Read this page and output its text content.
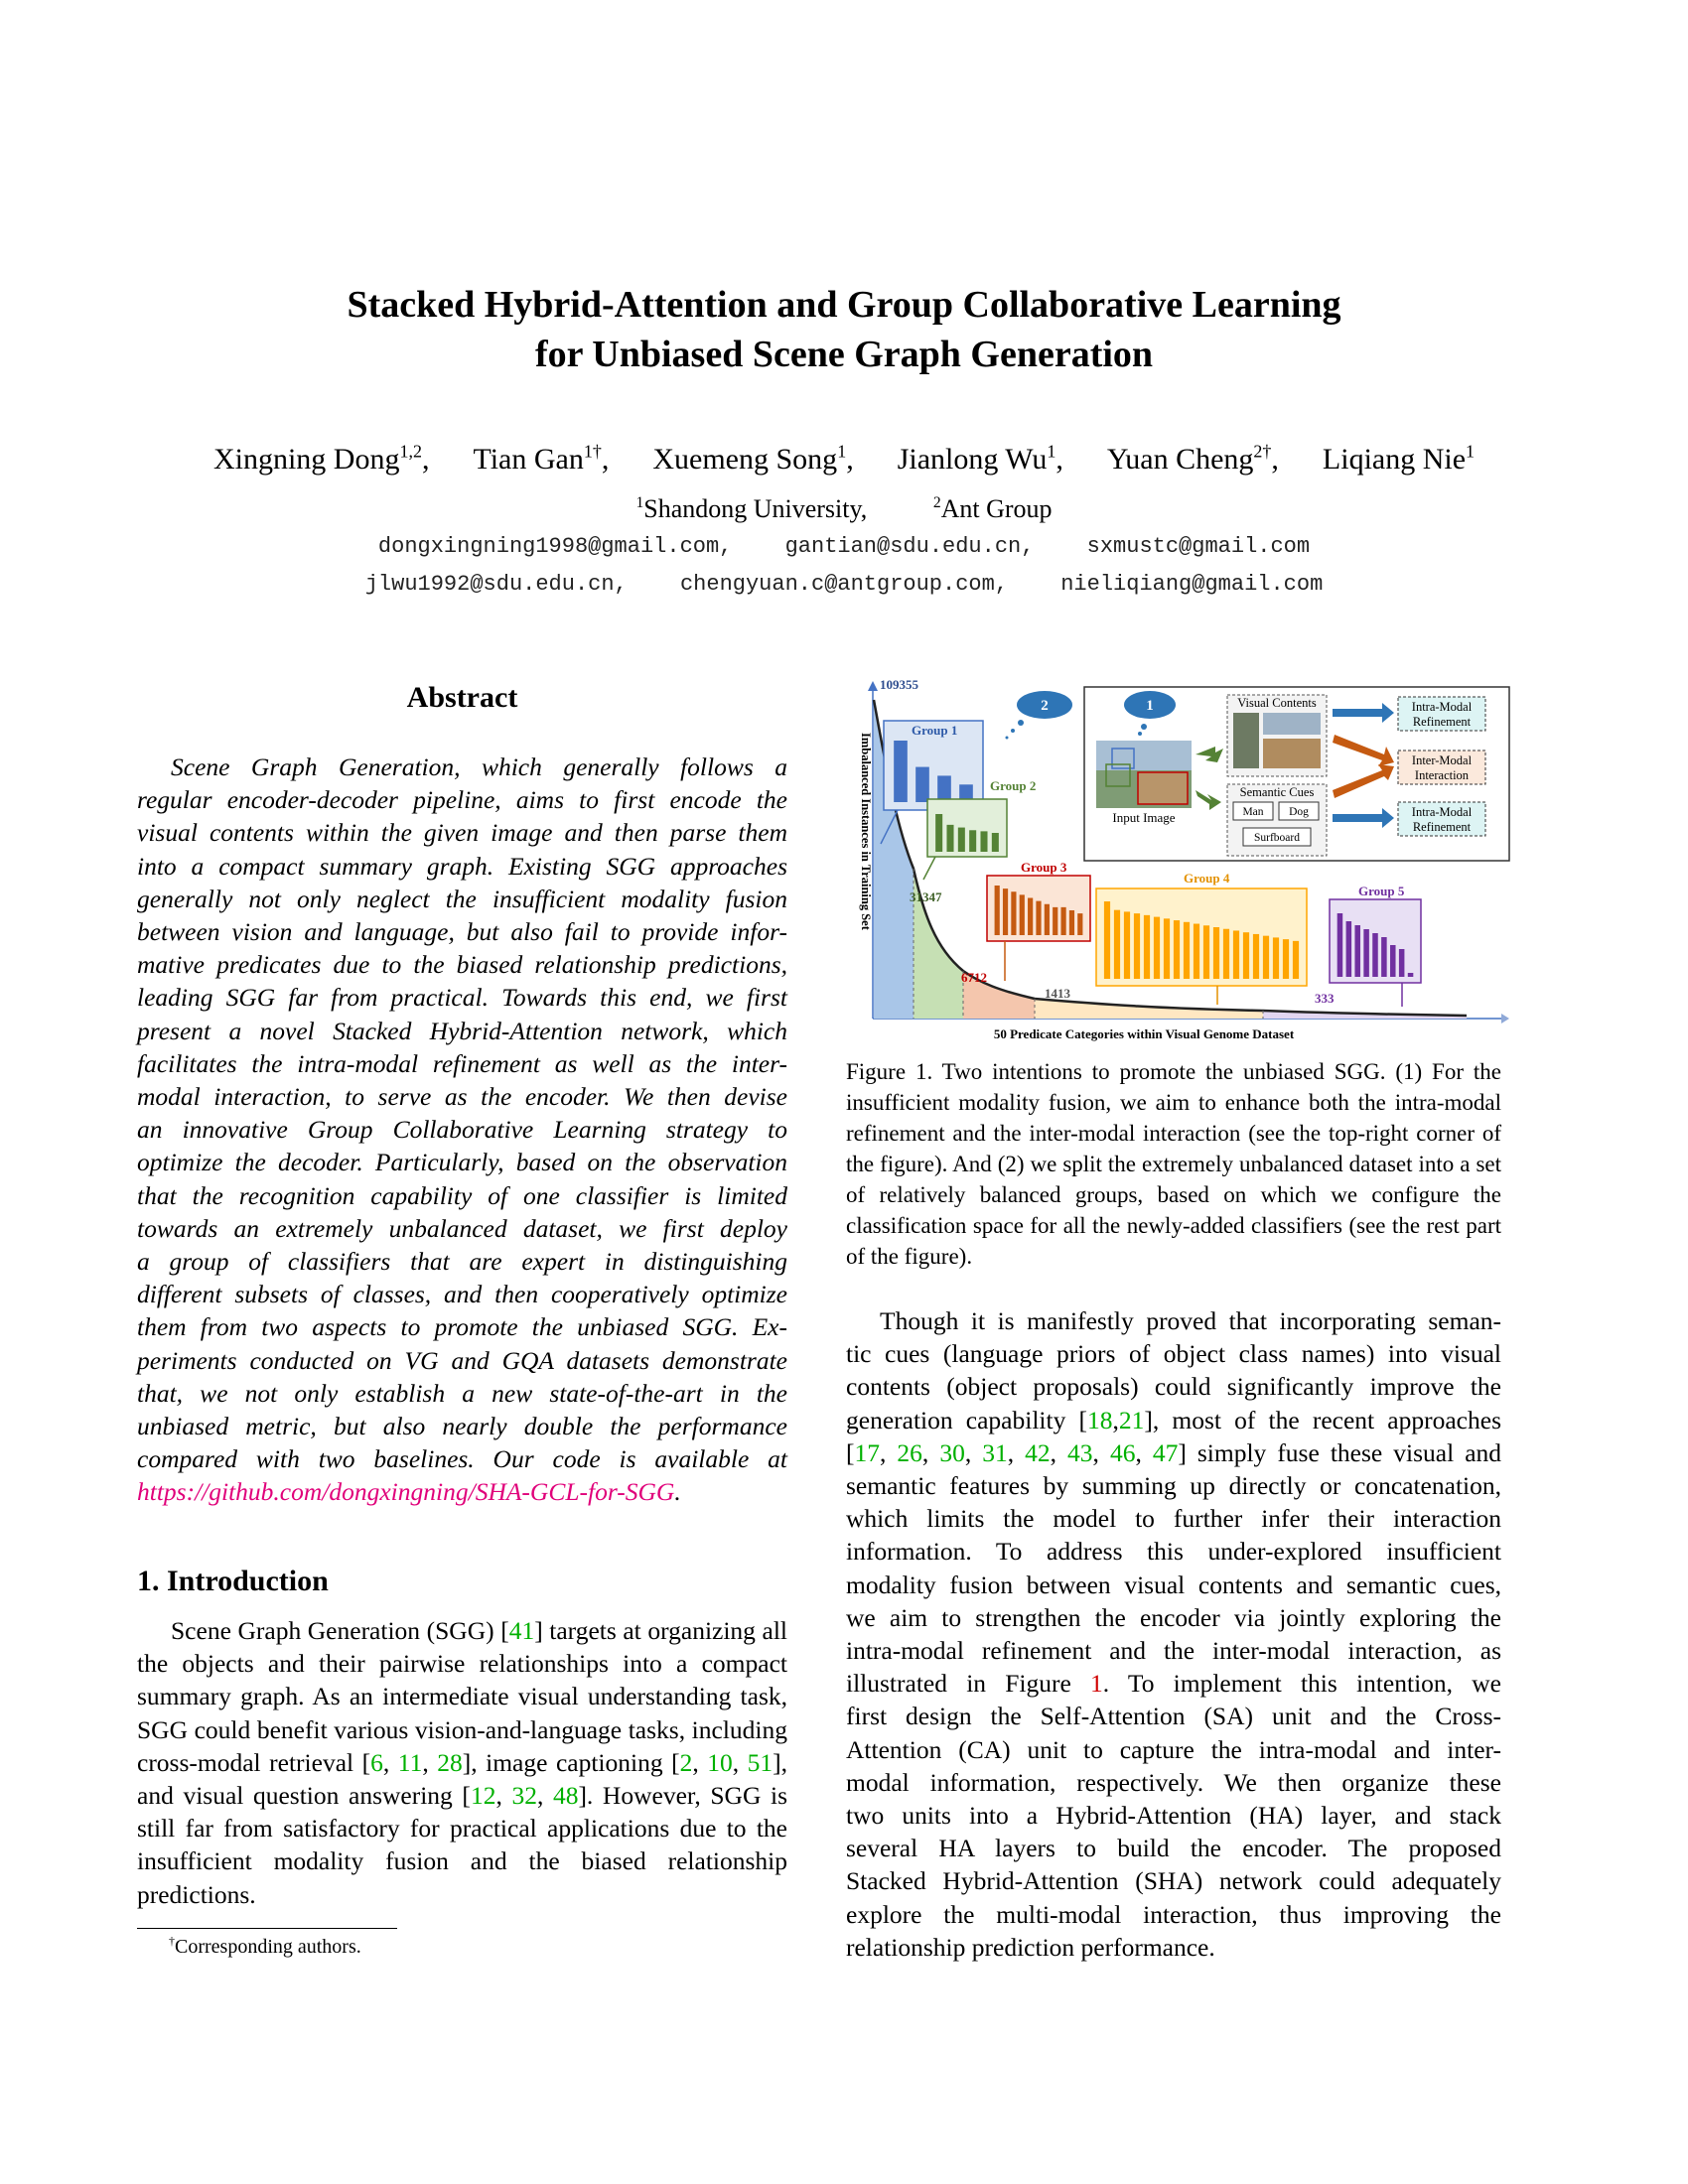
Stacked Hybrid-Attention and Group Collaborative Learning
for Unbiased Scene Graph Generation
Xingning Dong$^{1,2}$, Tian Gan$^{1\dagger}$, Xuemeng Song$^1$, Jianlong Wu$^1$, Yuan Cheng$^{2\dagger}$, Liqiang Nie$^1$
$^1$Shandong University,	$^2$Ant Group
dongxingning1998@gmail.com, gantian@sdu.edu.cn, sxmustc@gmail.com
jlwu1992@sdu.edu.cn, chengyuan.c@antgroup.com, nieliqiang@gmail.com
Abstract
Scene Graph Generation, which generally follows a
regular encoder-decoder pipeline, aims to first encode the
visual contents within the given image and then parse them
into a compact summary graph. Existing SGG approaches
generally not only neglect the insufficient modality fusion
between vision and language, but also fail to provide infor-
mative predicates due to the biased relationship predictions,
leading SGG far from practical. Towards this end, we first
present a novel Stacked Hybrid-Attention network, which
facilitates the intra-modal refinement as well as the inter-
modal interaction, to serve as the encoder. We then devise
an innovative Group Collaborative Learning strategy to
optimize the decoder. Particularly, based on the observation
that the recognition capability of one classifier is limited
towards an extremely unbalanced dataset, we first deploy
a group of classifiers that are expert in distinguishing
different subsets of classes, and then cooperatively optimize
them from two aspects to promote the unbiased SGG. Ex-
periments conducted on VG and GQA datasets demonstrate
that, we not only establish a new state-of-the-art in the
unbiased metric, but also nearly double the performance
compared with two baselines. Our code is available at
https://github.com/dongxingning/SHA-GCL-for-SGG.
1. Introduction

Scene Graph Generation (SGG) [41] targets at organizing all the objects and their pairwise relationships into a compact summary graph. As an intermediate visual understanding task, SGG could benefit various vision-and-language tasks, including cross-modal retrieval [6, 11, 28], image captioning [2, 10, 51], and visual question answering [12, 32, 48]. However, SGG is still far from satisfactory for practical applications due to the insufficient modality fusion and the biased relationship predictions.

†Corresponding authors.
Imbalanced Instances in Training Set
50 Predicate Categories within Visual Genome Dataset
109355
31347
6712
1413	333
Group 1
Group 2
Group 3
Group 4
Group 5
2	1
Input Image
Visual Contents
Semantic Cues
Man Dog
Surfboard
Intra-Modal
Refinement
Inter-Modal
Interaction
Intra-Modal
Refinement
Figure 1. Two intentions to promote the unbiased SGG. (1) For the insufficient modality fusion, we aim to enhance both the intra-modal refinement and the inter-modal interaction (see the top-right corner of the figure). And (2) we split the extremely unbalanced dataset into a set of relatively balanced groups, based on which we configure the classification space for all the newly-added classifiers (see the rest part of the figure).
Though it is manifestly proved that incorporating seman-
tic cues (language priors of object class names) into visual
contents (object proposals) could significantly improve the
generation capability [18,21], most of the recent approaches
[17, 26, 30, 31, 42, 43, 46, 47] simply fuse these visual and
semantic features by summing up directly or concatenation,
which limits the model to further infer their interaction
information. To address this under-explored insufficient
modality fusion between visual contents and semantic cues,
we aim to strengthen the encoder via jointly exploring the
intra-modal refinement and the inter-modal interaction, as
illustrated in Figure 1. To implement this intention, we
first design the Self-Attention (SA) unit and the Cross-
Attention (CA) unit to capture the intra-modal and inter-
modal information, respectively. We then organize these
two units into a Hybrid-Attention (HA) layer, and stack
several HA layers to build the encoder. The proposed
Stacked Hybrid-Attention (SHA) network could adequately
explore the multi-modal interaction, thus improving the
relationship prediction performance.
